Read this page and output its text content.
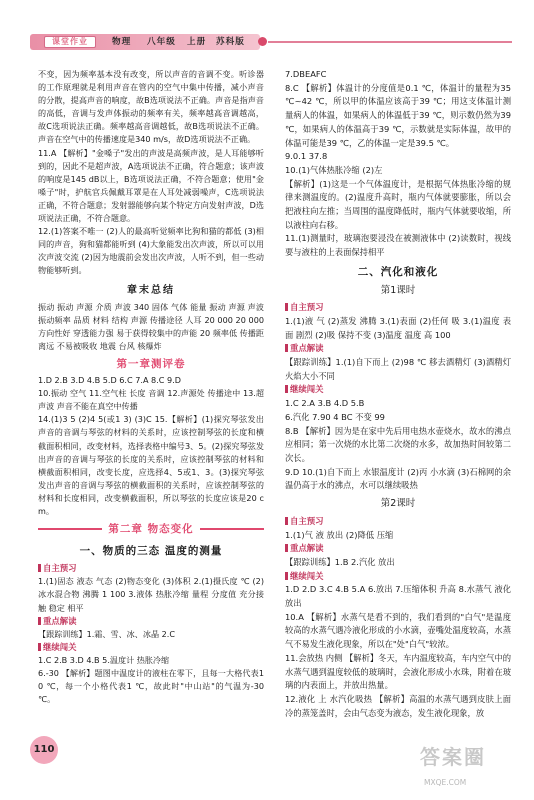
课堂作业	物理 八年级 上册 苏科版

不变，因为频率基本没有改变，所以声音的音调不变。听诊器的工作原理就是利用声音在管内的空气中集中传播，减小声音的分散，提高声音的响度，故B选项说法不正确。声音是指声音的高低，音调与发声体振动的频率有关，频率越高音调越高，故C选项说法正确。频率越高音调越低，故B选项说法不正确。声音在空气中的传播速度是340 m/s，故D选项说法不正确。

11.A 【解析】"金嗓子"发出的声波是高频声波，是人耳能够听到的，因此不是超声波，A选项说法不正确，符合题意；该声波的响度是145 dB以上，B选项说法正确，不符合题意；使用"金嗓子"时，护航官兵佩戴耳罩是在人耳处减弱噪声，C选项说法正确，不符合题意；发射器能够向某个特定方向发射声波，D选项说法正确，不符合题意。

12.(1)答案不唯一 (2)人的最高听觉频率比狗和猫的都低 (3)相同的声音，狗和猫都能听到 (4)大象能发出次声波，所以可以用次声波交流 (2)因为地震前会发出次声波，人听不到，但一些动物能够听到。

章末总结

振动 振动 声源 介质 声波 340 固体 气体 能量 振动 声源 声波 振动频率 品质 材料 结构 声源 传播途径 人耳 20 000 20 000 方向性好 穿透能力强 易于获得较集中的声能 20 频率低 传播距离远 不易被吸收 地震 台风 核爆炸

第一章测评卷

1.D 2.B 3.D 4.B 5.D 6.C 7.A 8.C 9.D

10.振动 空气 11.空气柱 长度 音调 12.声源处 传播途中 13.超声波 声音不能在真空中传播

14.(1)3 5 (2)4 5(或1 3) (3)C 15.【解析】(1)探究琴弦发出声音的音调与琴弦的材料的关系时，应该控制琴弦的长度和横截面积相同，改变材料，选择表格中编号3、5。(2)探究琴弦发出声音的音调与琴弦的长度的关系时，应该控制琴弦的材料和横截面积相同，改变长度，应选择4、5或1、3。(3)探究琴弦发出声音的音调与琴弦的横截面积的关系时，应该控制琴弦的材料和长度相同，改变横截面积，所以琴弦的长度应该是20 cm。

第二章 物态变化
一、物质的三态 温度的测量
自主预习

1.(1)固态 液态 气态 (2)物态变化 (3)体积 2.(1)摄氏度 ℃ (2)冰水混合物 沸腾 1 100 3.液体 热胀冷缩 量程 分度值 充分接触 稳定 相平

重点解读

【跟踪训练】1.霜、雪、冰、冰晶 2.C

继续闯关

1.C 2.B 3.D 4.B 5.温度计 热胀冷缩

6.-30 【解析】题图中温度计的液柱在零下，且每一大格代表10 ℃，每一个小格代表1 ℃，故此时"中山站"的气温为-30 ℃。

7.DBEAFC

8.C 【解析】体温计的分度值是0.1 ℃，体温计的量程为35 ℃~42 ℃，所以甲的体温应该高于39 ℃；用这支体温计测量病人的体温，如果病人的体温低于39 ℃，则示数仍然为39 ℃，如果病人的体温高于39 ℃，示数就是实际体温，故甲的体温可能是39 ℃，乙的体温一定是39.5 ℃。

9.0.1 37.8

10.(1)气体热胀冷缩 (2)左

【解析】(1)这是一个气体温度计，是根据气体热胀冷缩的规律来测温度的。(2)温度升高时，瓶内气体就要膨胀，所以会把液柱向左推；当周围的温度降低时，瓶内气体就要收缩，所以液柱向右移。

11.(1)测量时，玻璃泡要浸没在被测液体中 (2)读数时，视线要与液柱的上表面保持相平

二、汽化和液化
第1课时
自主预习

1.(1)液 气 (2)蒸发 沸腾 3.(1)表面 (2)任何 吸 3.(1)温度 表面 剧烈 (2)吸 保持不变 (3)温度 温度 高 100

重点解读

【跟踪训练】1.(1)自下而上 (2)98 ℃ 移去酒精灯 (3)酒精灯火焰大小不同

继续闯关

1.C 2.A 3.B 4.D 5.B

6.汽化 7.90 4 BC 不变 99

8.B 【解析】因为是在家中先后用电热水壶烧水，故水的沸点应相同；第一次烧的水比第二次烧的水多，故加热时间较第二次长。

9.D 10.(1)自下而上 水银温度计 (2)丙 小水滴 (3)石棉网的余温仍高于水的沸点，水可以继续吸热

第2课时
自主预习

1.(1)气 液 放出 (2)降低 压缩

重点解读

【跟踪训练】1.B 2.汽化 放出

继续闯关

1.D 2.D 3.C 4.B 5.A 6.放出 7.压缩体积 升高 8.水蒸气 液化 放出

10.A 【解析】水蒸气是看不到的，我们看到的"白气"是温度较高的水蒸气遇冷液化形成的小水滴，壶嘴处温度较高，水蒸气不易发生液化现象，所以在"处"白气"较浓。

11.会放热 内侧 【解析】冬天，车内温度较高，车内空气中的水蒸气遇到温度较低的玻璃时，会液化形成小水珠，附着在玻璃的内表面上，并放出热量。

12.液化 上 水汽化吸热 【解析】高温的水蒸气遇到皮肤上面冷的蒸笼盖时，会由气态变为液态，发生液化现象，放

110	答案圈
MXQE.COM
